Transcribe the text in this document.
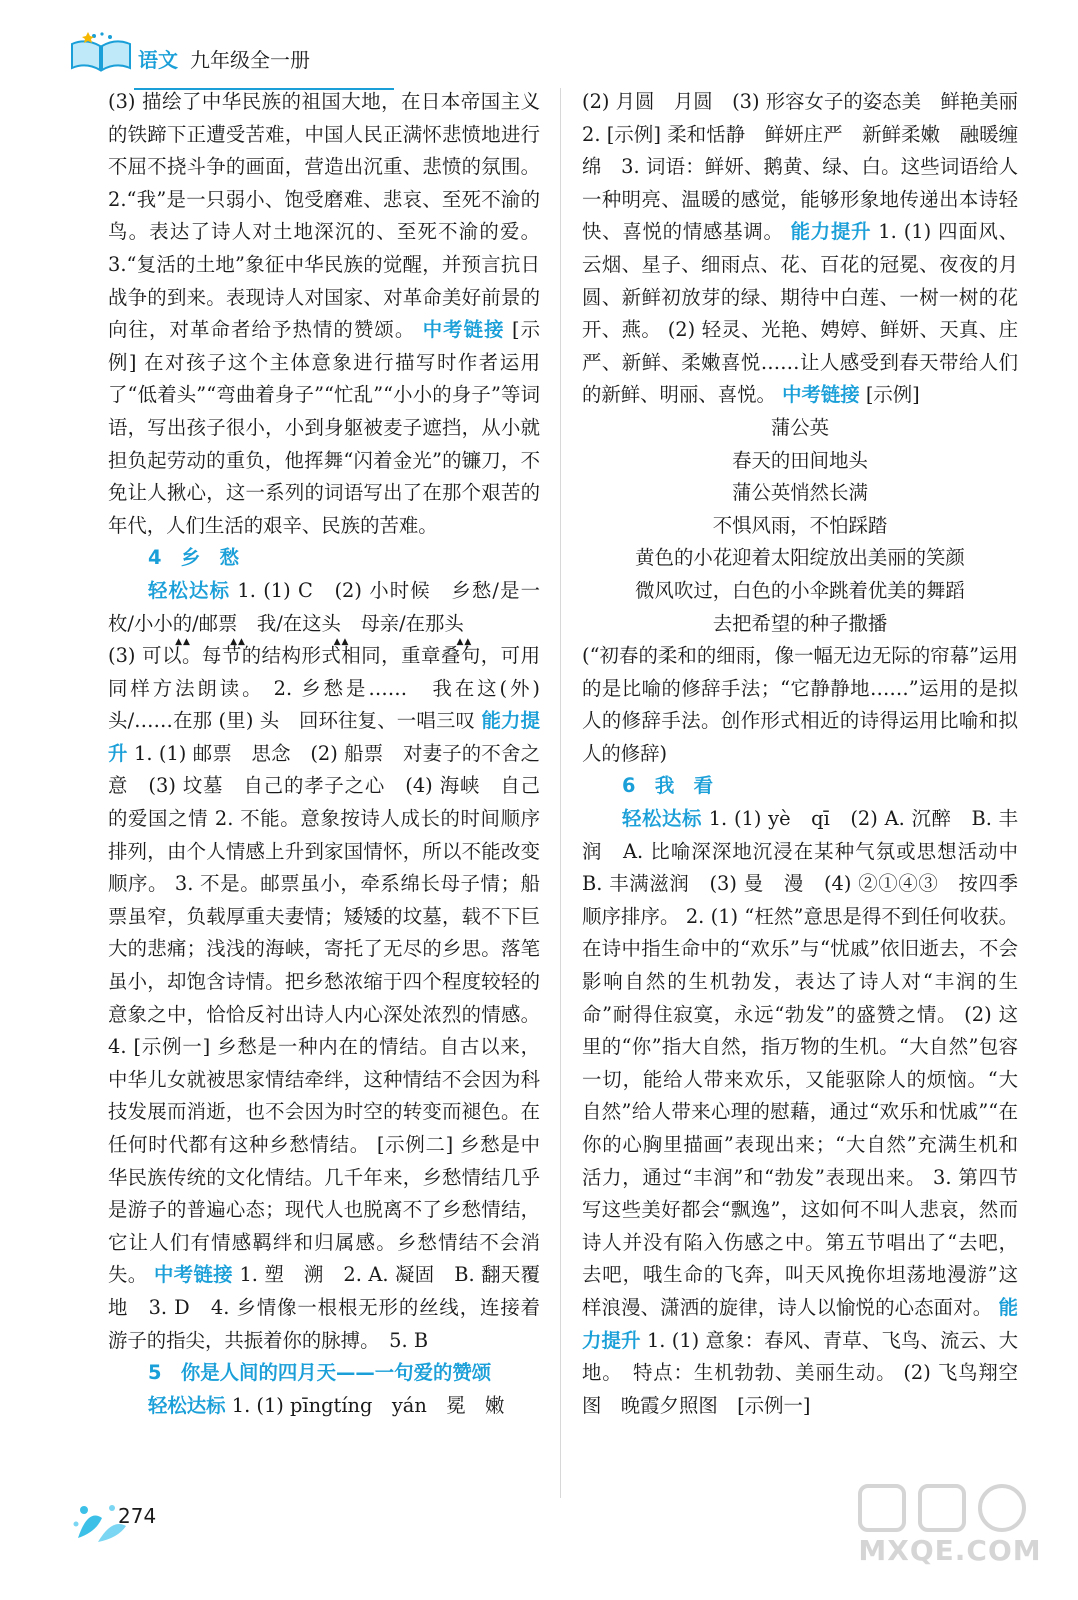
语文 九年级全一册

(3) 描绘了中华民族的祖国大地，在日本帝国主义的铁蹄下正遭受苦难，中国人民正满怀悲愤地进行不屈不挠斗争的画面，营造出沉重、悲愤的氛围。 2.“我”是一只弱小、饱受磨难、悲哀、至死不渝的鸟。表达了诗人对土地深沉的、至死不渝的爱。 3.“复活的土地”象征中华民族的觉醒，并预言抗日战争的到来。表现诗人对国家、对革命美好前景的向往，对革命者给予热情的赞颂。 中考链接 [示例] 在对孩子这个主体意象进行描写时作者运用了“低着头”“弯曲着身子”“忙乱”“小小的身子”等词语，写出孩子很小，小到身躯被麦子遮挡，从小就担负起劳动的重负，他挥舞“闪着金光”的镰刀，不免让人揪心，这一系列的词语写出了在那个艰苦的年代，人们生活的艰辛、民族的苦难。

4　乡　愁

轻松达标 1. (1) C　(2) 小时候　乡愁/是一枚/小小的
▲▲
/邮票
▲▲
　我/在这头
▲▲
　母亲/在那头
▲▲

(3) 可以。每节的结构形式相同，重章叠句，可用同样方法朗读。 2. 乡愁是……　我在这(外) 头/……在那 (里) 头　回环往复、一唱三叹 能力提升 1. (1) 邮票　思念　(2) 船票　对妻子的不舍之意　(3) 坟墓　自己的孝子之心　(4) 海峡　自己的爱国之情 2. 不能。意象按诗人成长的时间顺序排列，由个人情感上升到家国情怀，所以不能改变顺序。 3. 不是。邮票虽小，牵系绵长母子情；船票虽窄，负载厚重夫妻情；矮矮的坟墓，载不下巨大的悲痛；浅浅的海峡，寄托了无尽的乡思。落笔虽小，却饱含诗情。把乡愁浓缩于四个程度较轻的意象之中，恰恰反衬出诗人内心深处浓烈的情感。 4. [示例一] 乡愁是一种内在的情结。自古以来，中华儿女就被思家情结牵绊，这种情结不会因为科技发展而消逝，也不会因为时空的转变而褪色。在任何时代都有这种乡愁情结。 [示例二] 乡愁是中华民族传统的文化情结。几千年来，乡愁情结几乎是游子的普遍心态；现代人也脱离不了乡愁情结，它让人们有情感羁绊和归属感。乡愁情结不会消失。 中考链接 1. 塑　溯　2. A. 凝固　B. 翻天覆地　3. D　4. 乡情像一根根无形的丝线，连接着游子的指尖，共振着你的脉搏。　5. B

5　你是人间的四月天——一句爱的赞颂

轻松达标 1. (1) pīngtíng　yán　冕　嫩

(2) 月圆　月圆　(3) 形容女子的姿态美　鲜艳美丽　2. [示例] 柔和恬静　鲜妍庄严　新鲜柔嫩　融暖缠绵　3. 词语：鲜妍、鹅黄、绿、白。这些词语给人一种明亮、温暖的感觉，能够形象地传递出本诗轻快、喜悦的情感基调。 能力提升 1. (1) 四面风、云烟、星子、细雨点、花、百花的冠冕、夜夜的月圆、新鲜初放芽的绿、期待中白莲、一树一树的花开、燕。 (2) 轻灵、光艳、娉婷、鲜妍、天真、庄严、新鲜、柔嫩喜悦……让人感受到春天带给人们的新鲜、明丽、喜悦。 中考链接 [示例]

蒲公英

春天的田间地头

蒲公英悄然长满

不惧风雨，不怕踩踏

黄色的小花迎着太阳绽放出美丽的笑颜

微风吹过，白色的小伞跳着优美的舞蹈

去把希望的种子撒播

(“初春的柔和的细雨，像一幅无边无际的帘幕”运用的是比喻的修辞手法；“它静静地……”运用的是拟人的修辞手法。创作形式相近的诗得运用比喻和拟人的修辞)

6　我　看

轻松达标 1. (1) yè　qī　(2) A. 沉醉　B. 丰润　A. 比喻深深地沉浸在某种气氛或思想活动中　B. 丰满滋润　(3) 曼　漫　(4) ②①④③　按四季顺序排序。 2. (1) “枉然”意思是得不到任何收获。在诗中指生命中的“欢乐”与“忧戚”依旧逝去，不会影响自然的生机勃发，表达了诗人对“丰润的生命”耐得住寂寞，永远“勃发”的盛赞之情。 (2) 这里的“你”指大自然，指万物的生机。“大自然”包容一切，能给人带来欢乐，又能驱除人的烦恼。“大自然”给人带来心理的慰藉，通过“欢乐和忧戚”“在你的心胸里描画”表现出来；“大自然”充满生机和活力，通过“丰润”和“勃发”表现出来。 3. 第四节写这些美好都会“飘逸”，这如何不叫人悲哀，然而诗人并没有陷入伤感之中。第五节唱出了“去吧，去吧，哦生命的飞奔，叫天风挽你坦荡地漫游”这样浪漫、潇洒的旋律，诗人以愉悦的心态面对。 能力提升 1. (1) 意象：春风、青草、飞鸟、流云、大地。　特点：生机勃勃、美丽生动。 (2) 飞鸟翔空图　晚霞夕照图　[示例一]

274
MXQE.COM
